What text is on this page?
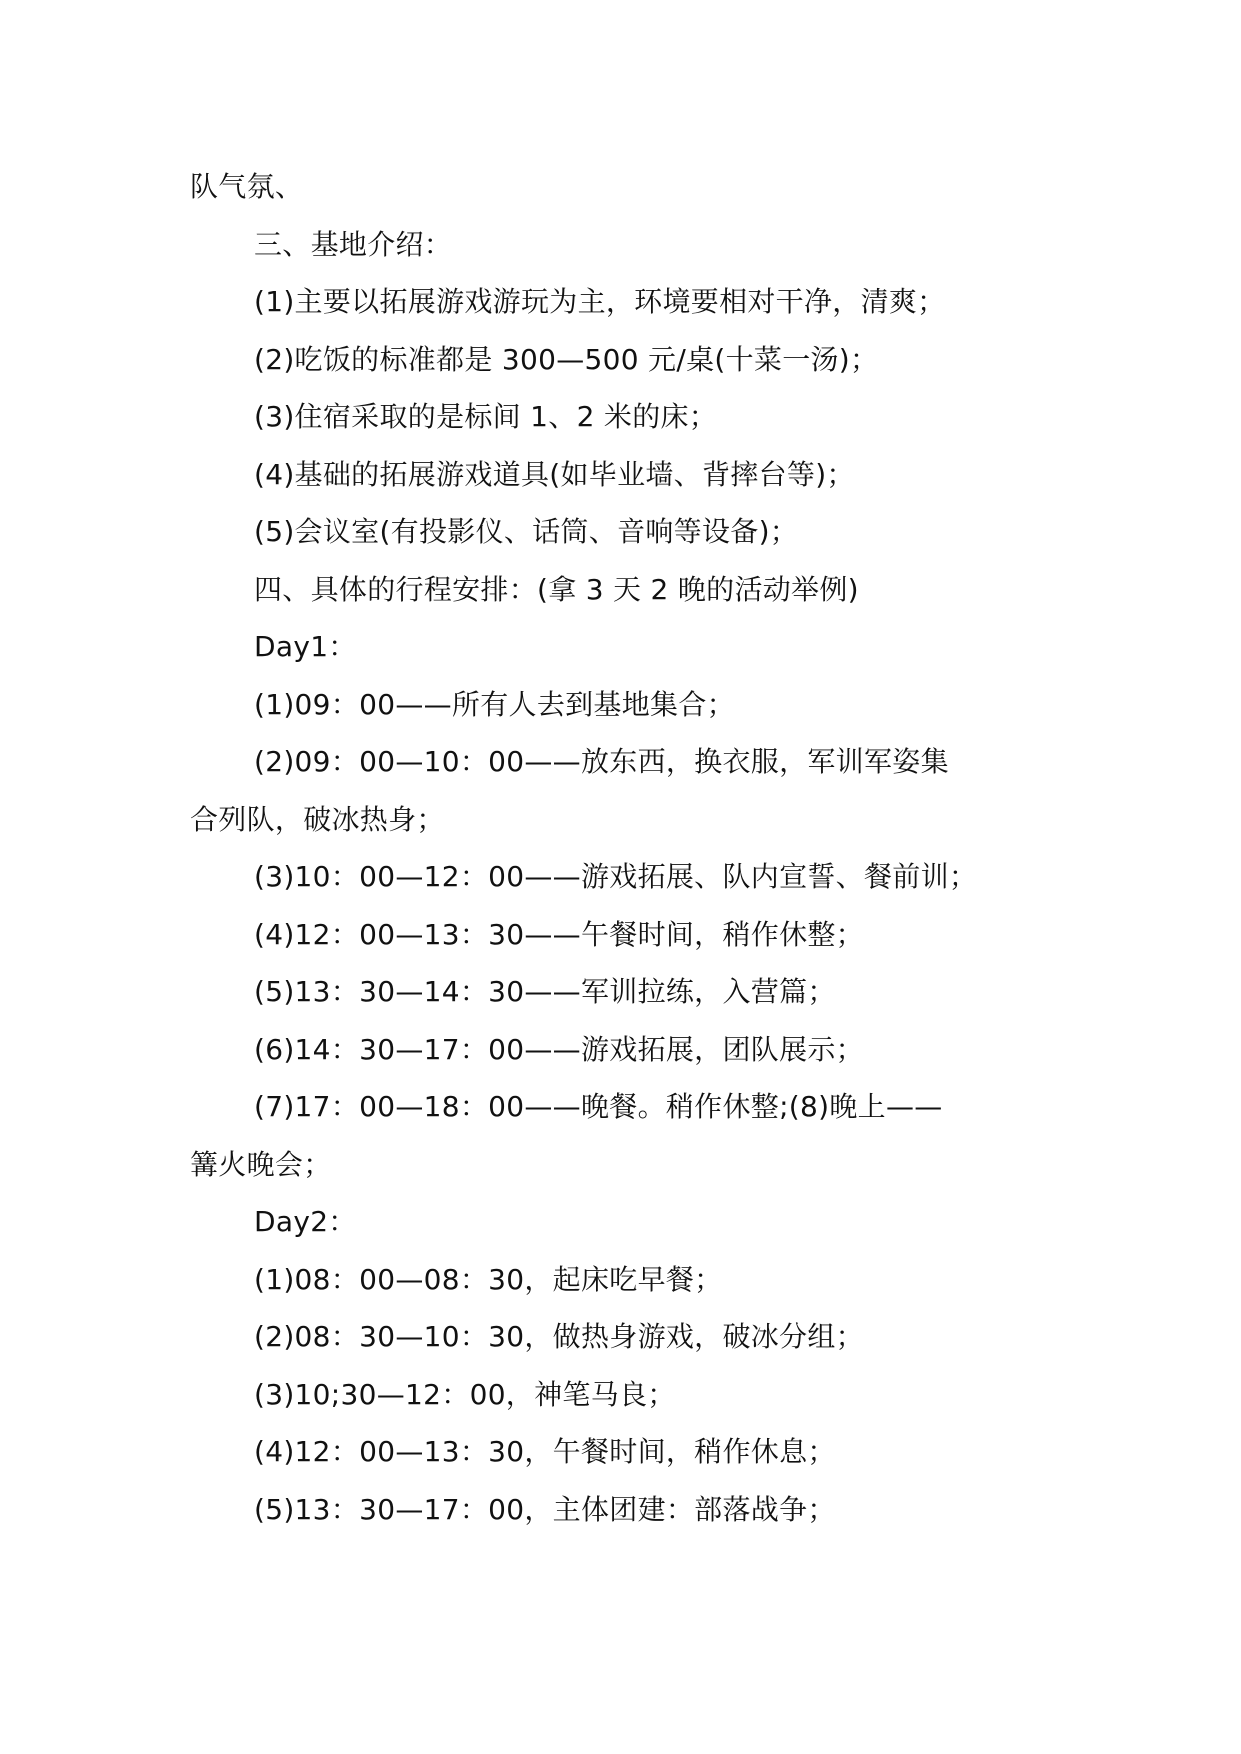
队气氛、

三、基地介绍：

(1)主要以拓展游戏游玩为主，环境要相对干净，清爽；

(2)吃饭的标准都是 300—500 元/桌(十菜一汤)；

(3)住宿采取的是标间 1、2 米的床；

(4)基础的拓展游戏道具(如毕业墙、背摔台等)；

(5)会议室(有投影仪、话筒、音响等设备)；

四、具体的行程安排：(拿 3 天 2 晚的活动举例)

Day1：

(1)09：00——所有人去到基地集合；

(2)09：00—10：00——放东西，换衣服，军训军姿集

合列队，破冰热身；

(3)10：00—12：00——游戏拓展、队内宣誓、餐前训；

(4)12：00—13：30——午餐时间，稍作休整；

(5)13：30—14：30——军训拉练，入营篇；

(6)14：30—17：00——游戏拓展，团队展示；

(7)17：00—18：00——晚餐。稍作休整;(8)晚上——

篝火晚会；

Day2：

(1)08：00—08：30，起床吃早餐；

(2)08：30—10：30，做热身游戏，破冰分组；

(3)10;30—12：00，神笔马良；

(4)12：00—13：30，午餐时间，稍作休息；

(5)13：30—17：00，主体团建：部落战争；
